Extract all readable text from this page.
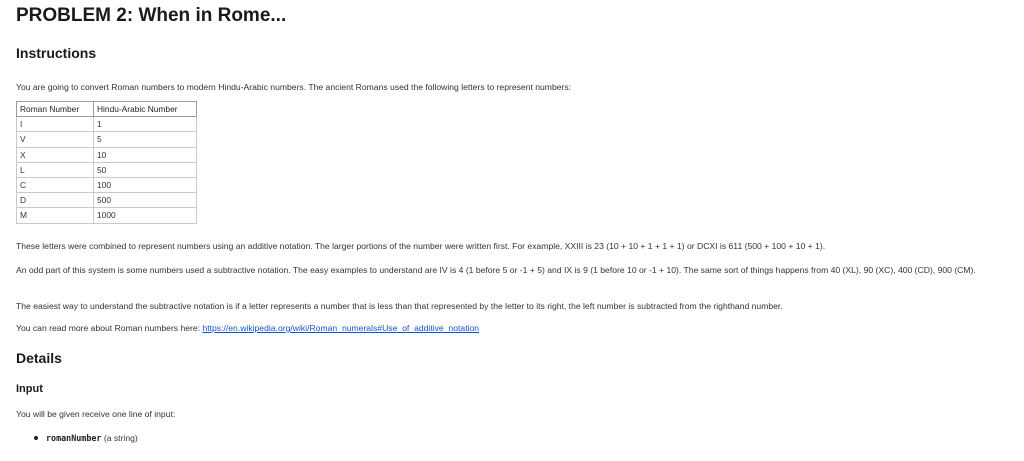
PROBLEM 2: When in Rome...
Instructions

You are going to convert Roman numbers to modern Hindu-Arabic numbers. The ancient Romans used the following letters to represent numbers:

Roman Number	Hindu-Arabic Number
I	1
V	5
X	10
L	50
C	100
D	500
M	1000

These letters were combined to represent numbers using an additive notation. The larger portions of the number were written first. For example, XXIII is 23 (10 + 10 + 1 + 1 + 1) or DCXI is 611 (500 + 100 + 10 + 1).

An odd part of this system is some numbers used a subtractive notation. The easy examples to understand are IV is 4 (1 before 5 or -1 + 5) and IX is 9 (1 before 10 or -1 + 10). The same sort of things happens from 40 (XL), 90 (XC), 400 (CD), 900 (CM).

The easiest way to understand the subtractive notation is if a letter represents a number that is less than that represented by the letter to its right, the left number is subtracted from the righthand number.

You can read more about Roman numbers here: https://en.wikipedia.org/wiki/Roman_numerals#Use_of_additive_notation

Details
Input

You will be given receive one line of input:

romanNumber (a string)
